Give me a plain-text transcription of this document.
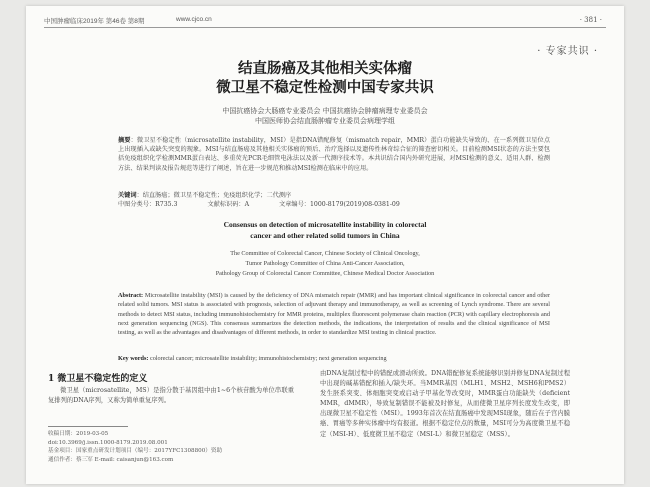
中国肿瘤临床2019年 第46卷 第8期	· 381 ·
www.cjco.cn
· 专家共识 ·
结直肠癌及其他相关实体瘤
微卫星不稳定性检测中国专家共识
中国抗癌协会大肠癌专业委员会 中国抗癌协会肿瘤病理专业委员会
中国医师协会结直肠肿瘤专业委员会病理学组
摘要：微卫星不稳定性（microsatellite instability，MSI）是指DNA错配修复（mismatch repair，MMR）蛋白功能缺失导致的、在一系列微卫星位点上出现插入或缺失突变的现象。MSI与结直肠癌及其他相关实体瘤的预后、治疗选择以及遗传性林奇综合征的筛查密切相关。目前检测MSI状态的方法主要包括免疫组织化学检测MMR蛋白表达、多重荧光PCR毛细管电泳法以及新一代测序技术等。本共识结合国内外研究进展，对MSI检测的意义、适用人群、检测方法、结果判读及报告规范等进行了阐述，旨在进一步规范和推动MSI检测在临床中的应用。
关键词：结直肠癌；微卫星不稳定性；免疫组织化学；二代测序
中图分类号：R735.3	文献标识码：A	文章编号：1000-8179(2019)08-0381-09
Consensus on detection of microsatellite instability in colorectal
cancer and other related solid tumors in China
The Committee of Colorectal Cancer, Chinese Society of Clinical Oncology,
Tumor Pathology Committee of China Anti-Cancer Association,
Pathology Group of Colorectal Cancer Committee, Chinese Medical Doctor Association
Abstract: Microsatellite instability (MSI) is caused by the deficiency of DNA mismatch repair (MMR) and has important clinical significance in colorectal cancer and other related solid tumors. MSI status is associated with prognosis, selection of adjuvant therapy and immunotherapy, as well as screening of Lynch syndrome. There are several methods to detect MSI status, including immunohistochemistry for MMR proteins, multiplex fluorescent polymerase chain reaction (PCR) with capillary electrophoresis and next generation sequencing (NGS). This consensus summarizes the detection methods, the indications, the interpretation of results and the clinical significance of MSI testing, as well as the advantages and disadvantages of different methods, in order to standardize MSI testing in clinical practice.
Key words: colorectal cancer; microsatellite instability; immunohistochemistry; next generation sequencing
1 微卫星不稳定性的定义
微卫星（microsatellite，MS）是指分散于基因组中由1~6个核苷酸为单位串联重复排列的DNA序列，又称为简单重复序列。
收稿日期：2019-03-05
doi:10.3969/j.issn.1000-8179.2019.08.001
基金项目：国家重点研发计划项目（编号：2017YFC1308800）资助
通信作者：蔡三军 E-mail: caisanjun@163.com
由DNA复制过程中的错配或滑动所致。DNA错配修复系统能够识别并修复DNA复制过程中出现的碱基错配和插入/缺失环。当MMR基因（MLH1、MSH2、MSH6和PMS2）发生胚系突变、体细胞突变或启动子甲基化等改变时，MMR蛋白功能缺失（deficient MMR，dMMR），导致复制错误不能被及时修复，从而使微卫星序列长度发生改变，即出现微卫星不稳定性（MSI）。1993年首次在结直肠癌中发现MSI现象，随后在子宫内膜癌、胃癌等多种实体瘤中均有报道。根据不稳定位点的数量，MSI可分为高度微卫星不稳定（MSI-H）、低度微卫星不稳定（MSI-L）和微卫星稳定（MSS）。
